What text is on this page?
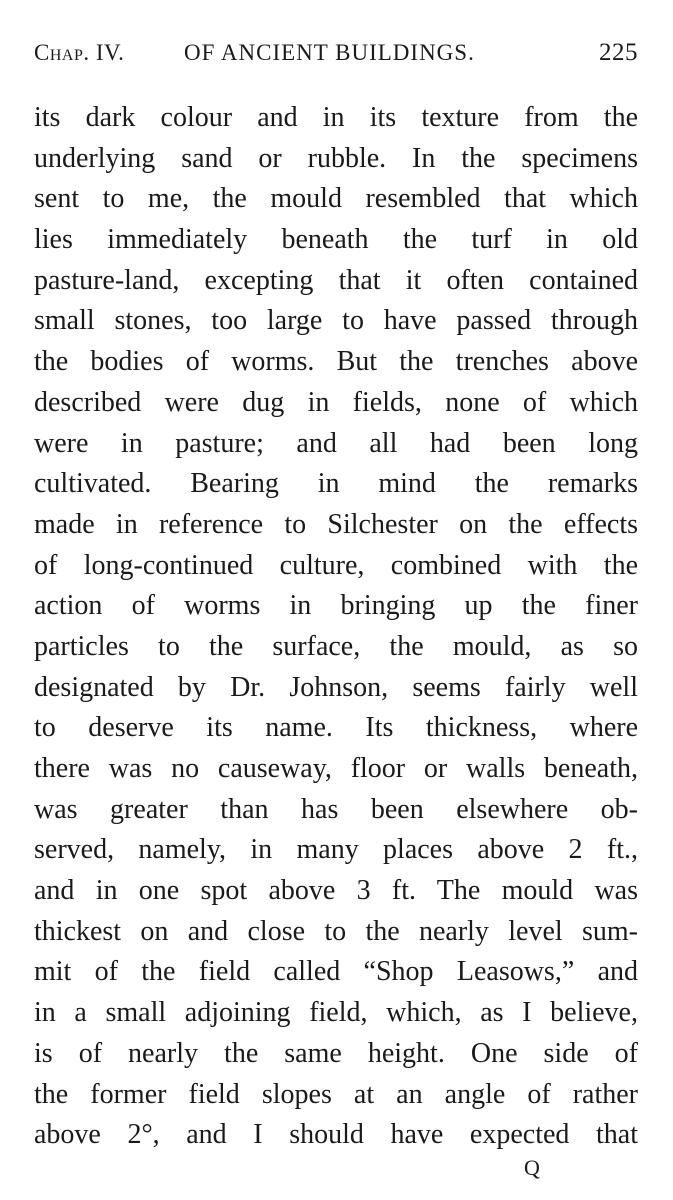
Chap. IV.	OF ANCIENT BUILDINGS.	225
its dark colour and in its texture from the
underlying sand or rubble. In the specimens
sent to me, the mould resembled that which
lies immediately beneath the turf in old
pasture-land, excepting that it often contained
small stones, too large to have passed through
the bodies of worms. But the trenches above
described were dug in fields, none of which
were in pasture; and all had been long
cultivated. Bearing in mind the remarks
made in reference to Silchester on the effects
of long-continued culture, combined with the
action of worms in bringing up the finer
particles to the surface, the mould, as so
designated by Dr. Johnson, seems fairly well
to deserve its name. Its thickness, where
there was no causeway, floor or walls beneath,
was greater than has been elsewhere ob-
served, namely, in many places above 2 ft.,
and in one spot above 3 ft. The mould was
thickest on and close to the nearly level sum-
mit of the field called “Shop Leasows,” and
in a small adjoining field, which, as I believe,
is of nearly the same height. One side of
the former field slopes at an angle of rather
above 2°, and I should have expected that
Q
